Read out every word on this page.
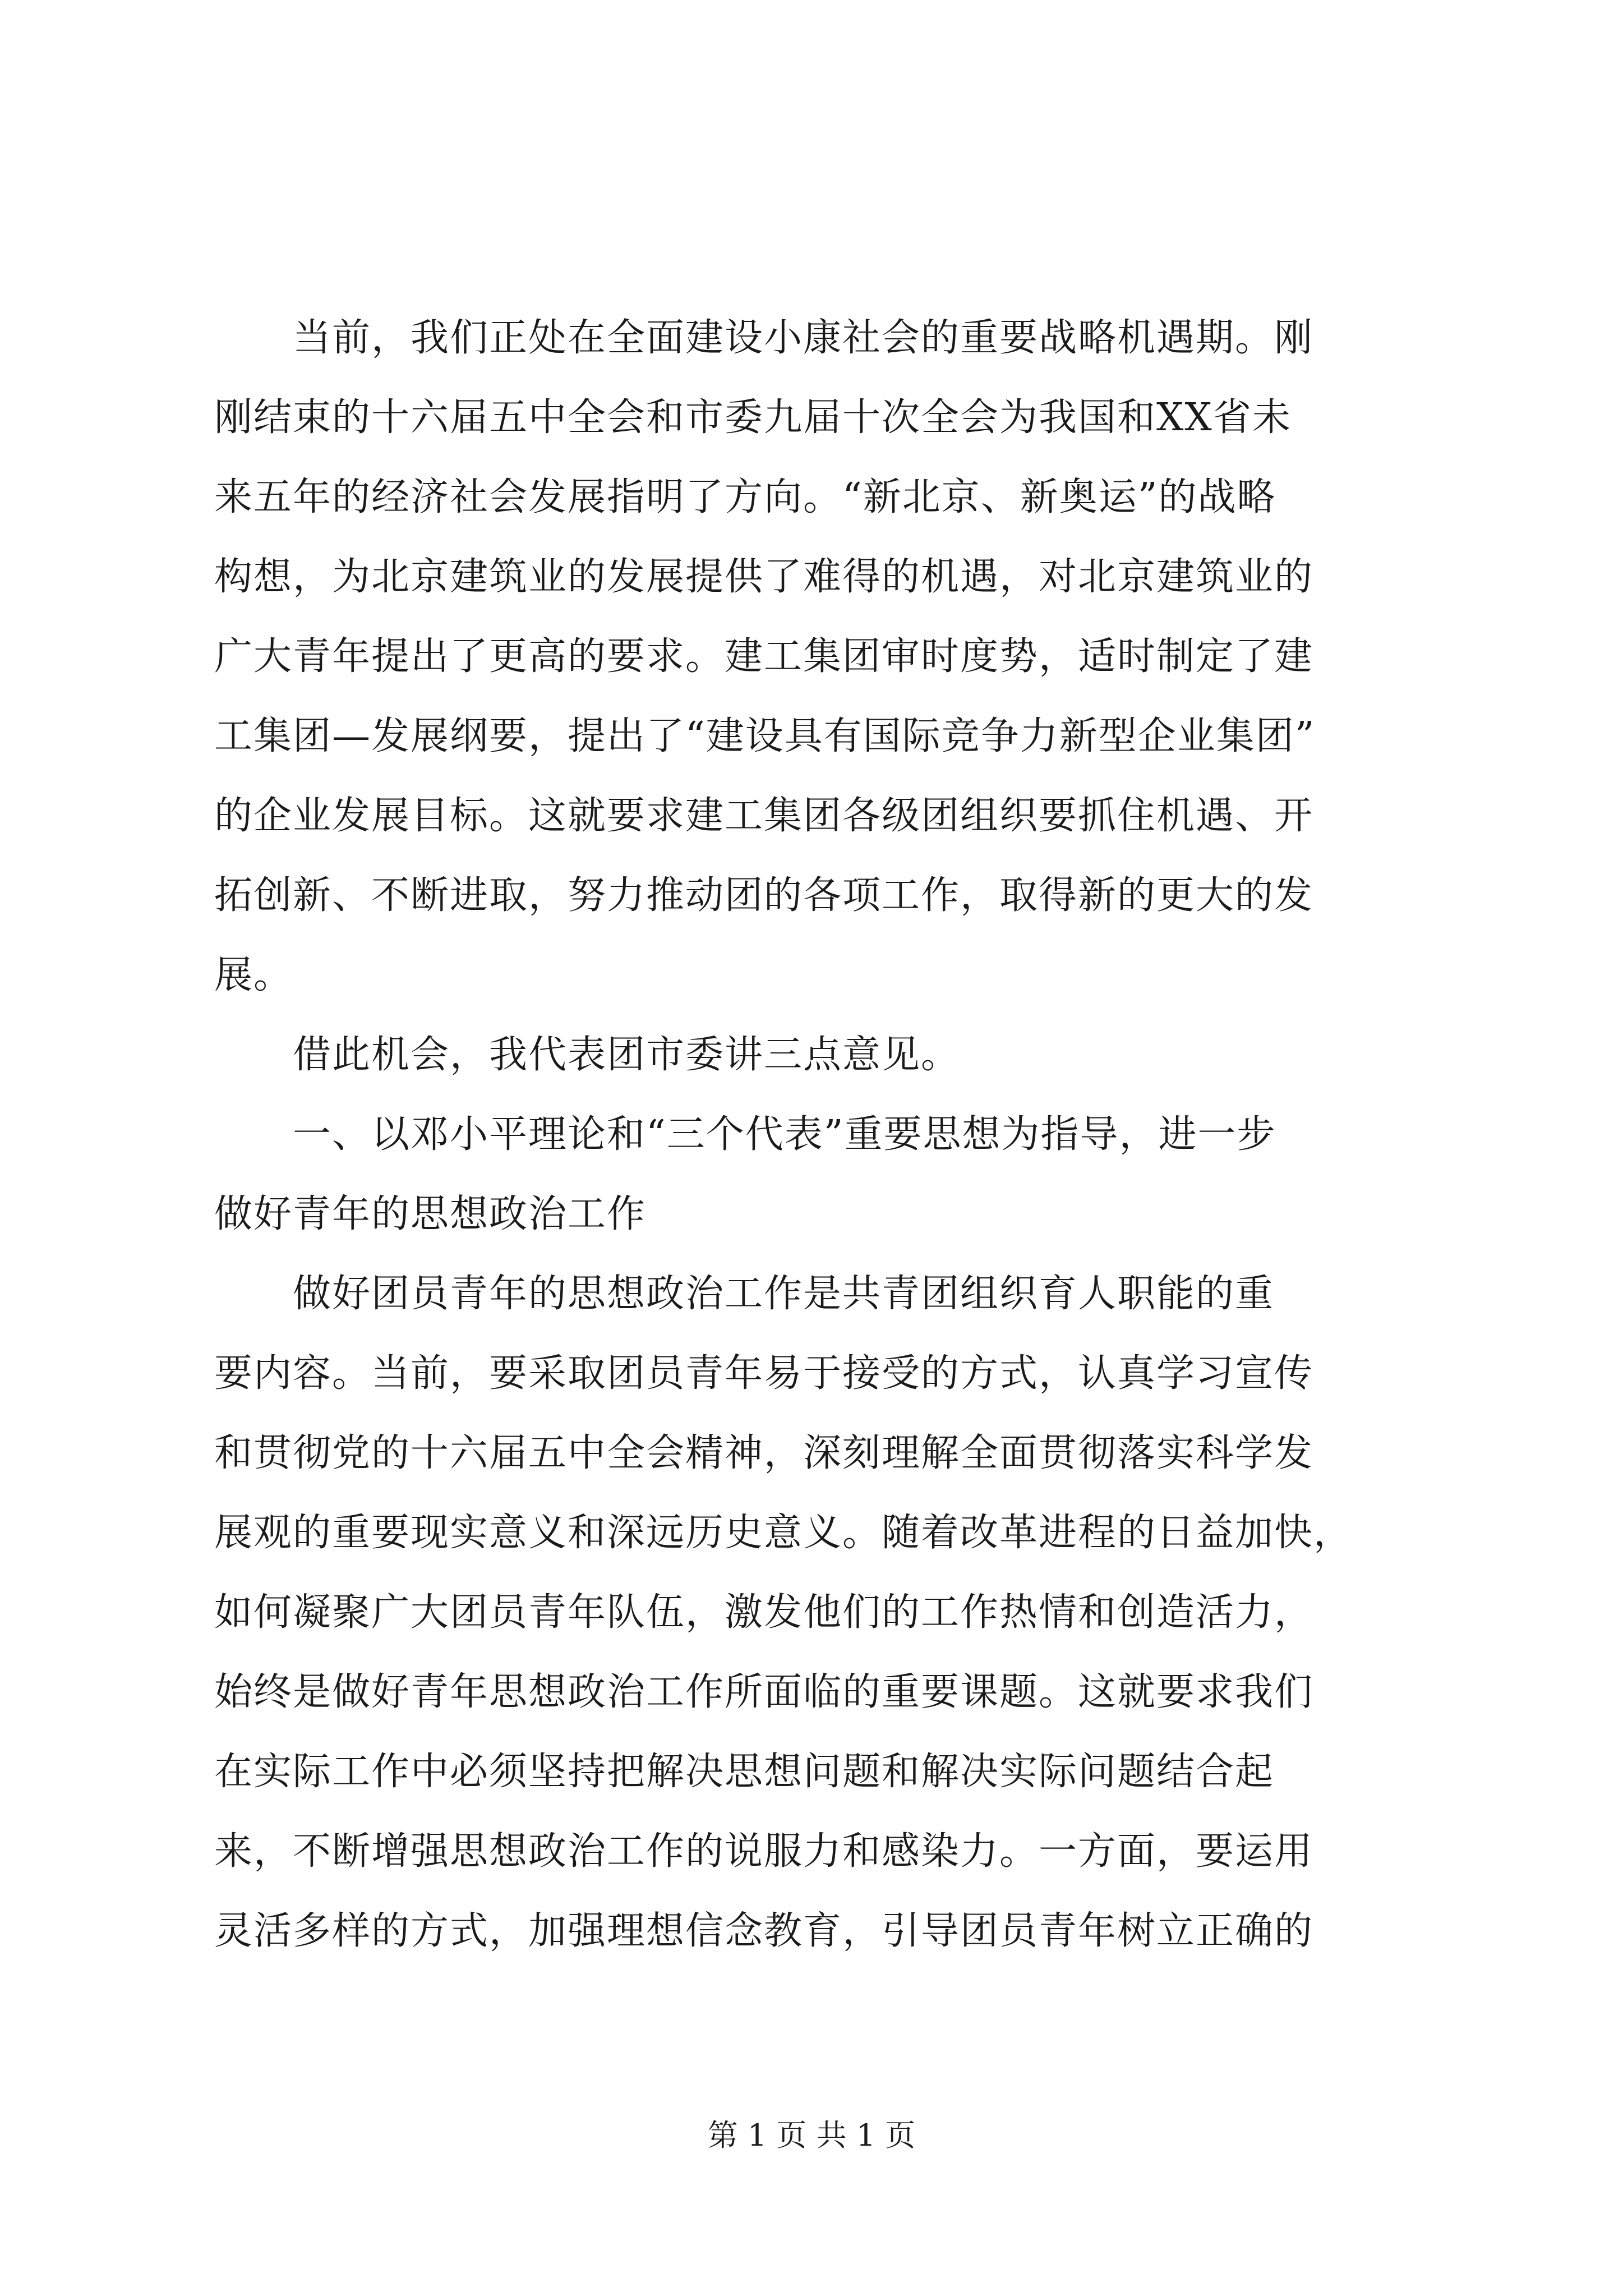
　　当前，我们正处在全面建设小康社会的重要战略机遇期。刚
刚结束的十六届五中全会和市委九届十次全会为我国和XX省未
来五年的经济社会发展指明了方向。“新北京、新奥运”的战略
构想，为北京建筑业的发展提供了难得的机遇，对北京建筑业的
广大青年提出了更高的要求。建工集团审时度势，适时制定了建
工集团—发展纲要，提出了“建设具有国际竞争力新型企业集团”
的企业发展目标。这就要求建工集团各级团组织要抓住机遇、开
拓创新、不断进取，努力推动团的各项工作，取得新的更大的发
展。

　　借此机会，我代表团市委讲三点意见。

　　一、以邓小平理论和“三个代表”重要思想为指导，进一步
做好青年的思想政治工作

　　做好团员青年的思想政治工作是共青团组织育人职能的重
要内容。当前，要采取团员青年易于接受的方式，认真学习宣传
和贯彻党的十六届五中全会精神，深刻理解全面贯彻落实科学发
展观的重要现实意义和深远历史意义。随着改革进程的日益加快，
如何凝聚广大团员青年队伍，激发他们的工作热情和创造活力，
始终是做好青年思想政治工作所面临的重要课题。这就要求我们
在实际工作中必须坚持把解决思想问题和解决实际问题结合起
来，不断增强思想政治工作的说服力和感染力。一方面，要运用
灵活多样的方式，加强理想信念教育，引导团员青年树立正确的

第 1 页 共 1 页
